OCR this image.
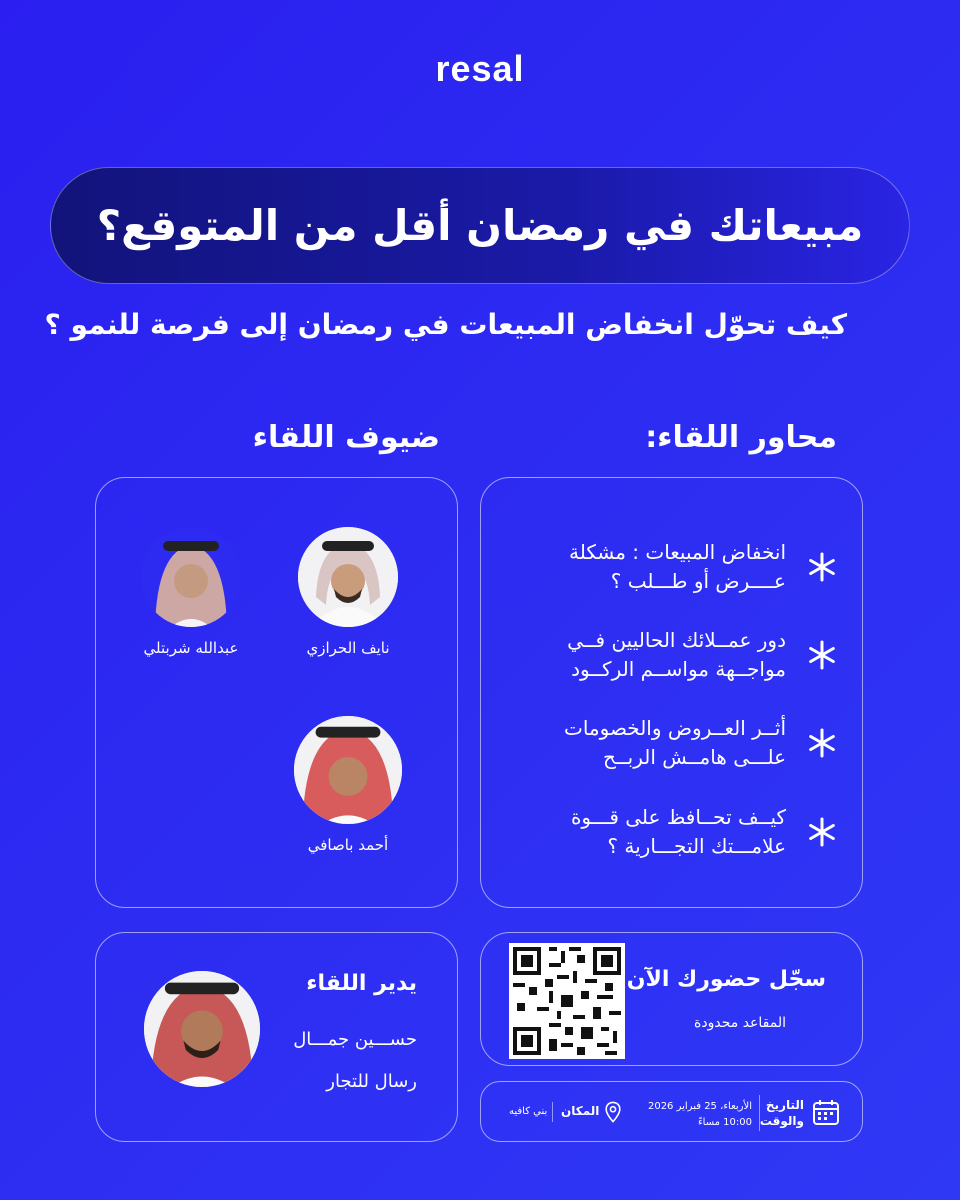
resal
مبيعاتك في رمضان أقل من المتوقع؟
كيف تحوّل انخفاض المبيعات في رمضان إلى فرصة للنمو ؟
محاور اللقاء:
ضيوف اللقاء
انخفاض المبيعات : مشكلة
عــــرض أو طـــلب ؟
دور عمــلائك الحاليين فــي
مواجــهة مواســم الركــود
أثــر العــروض والخصومات
علـــى هامــش الربــح
كيــف تحــافظ على قـــوة
علامـــتك التجـــارية ؟
نايف الحرازي
عبدالله شربتلي
أحمد باصافي
يدير اللقاء
حســـين جمـــال
رسال للتجار
سجّل حضورك الآن
المقاعد محدودة
التاريخ
والوقت
الأربعاء، 25 فبراير 2026
10:00 مساءً
المكان
بني كافيه
